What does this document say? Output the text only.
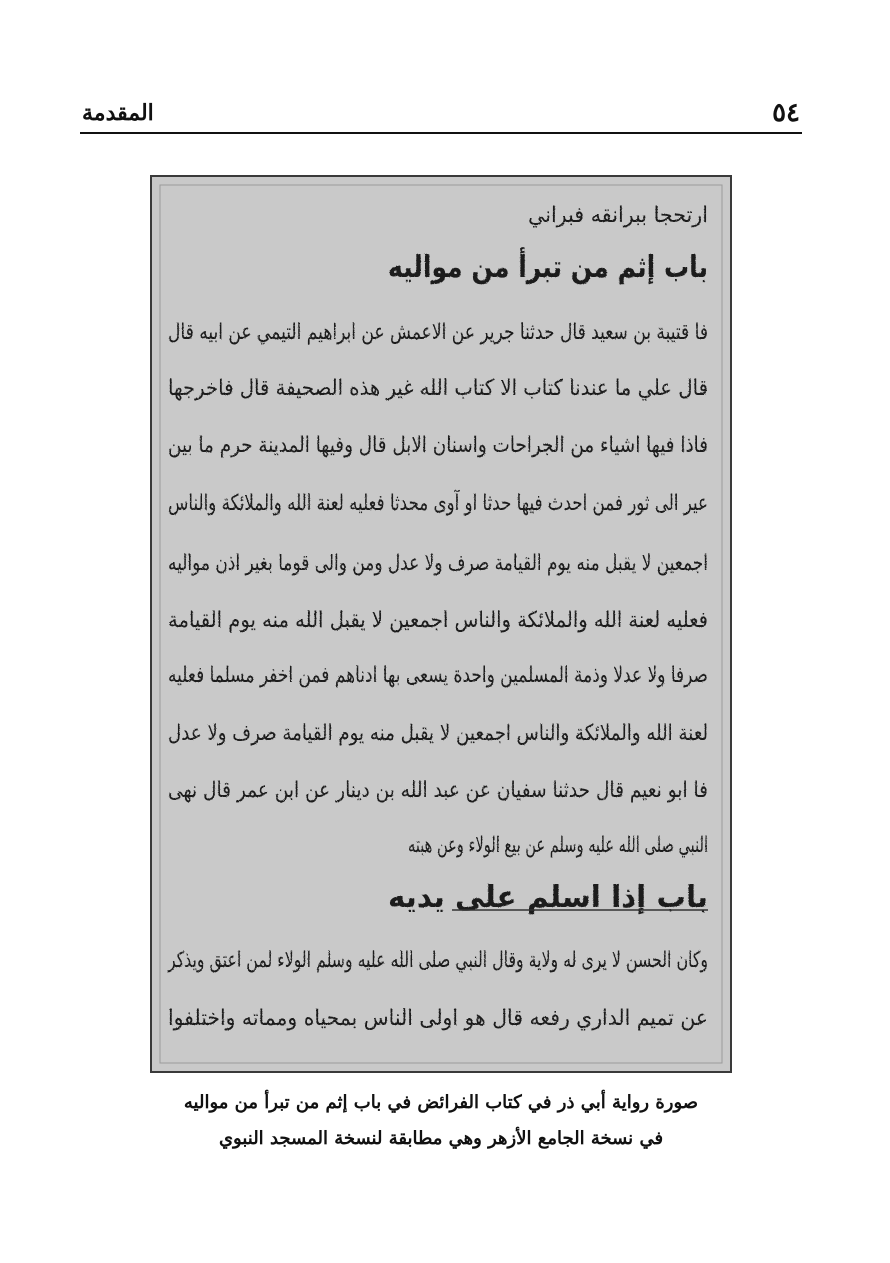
٥٤
المقدمة
ارتحجا ببرانقه فبراني
باب إثم من تبرأ من مواليه
فا قتيبة بن سعيد قال حدثنا جرير عن الاعمش عن ابراهيم التيمي عن ابيه قال
قال علي ما عندنا كتاب الا كتاب الله غير هذه الصحيفة قال فاخرجها
فاذا فيها اشياء من الجراحات واسنان الابل قال وفيها المدينة حرم ما بين
عير الى ثور فمن احدث فيها حدثا او آوى محدثا فعليه لعنة الله والملائكة والناس
اجمعين لا يقبل منه يوم القيامة صرف ولا عدل ومن والى قوما بغير اذن مواليه
فعليه لعنة الله والملائكة والناس اجمعين لا يقبل الله منه يوم القيامة
صرفا ولا عدلا وذمة المسلمين واحدة يسعى بها ادناهم فمن اخفر مسلما فعليه
لعنة الله والملائكة والناس اجمعين لا يقبل منه يوم القيامة صرف ولا عدل
فا ابو نعيم قال حدثنا سفيان عن عبد الله بن دينار عن ابن عمر قال نهى
النبي صلى الله عليه وسلم عن بيع الولاء وعن هبته
باب إذا اسلم على يديه
وكان الحسن لا يرى له ولاية وقال النبي صلى الله عليه وسلم الولاء لمن اعتق ويذكر
عن تميم الداري رفعه قال هو اولى الناس بمحياه ومماته واختلفوا
صورة رواية أبي ذر في كتاب الفرائض في باب إثم من تبرأ من مواليه
في نسخة الجامع الأزهر وهي مطابقة لنسخة المسجد النبوي
